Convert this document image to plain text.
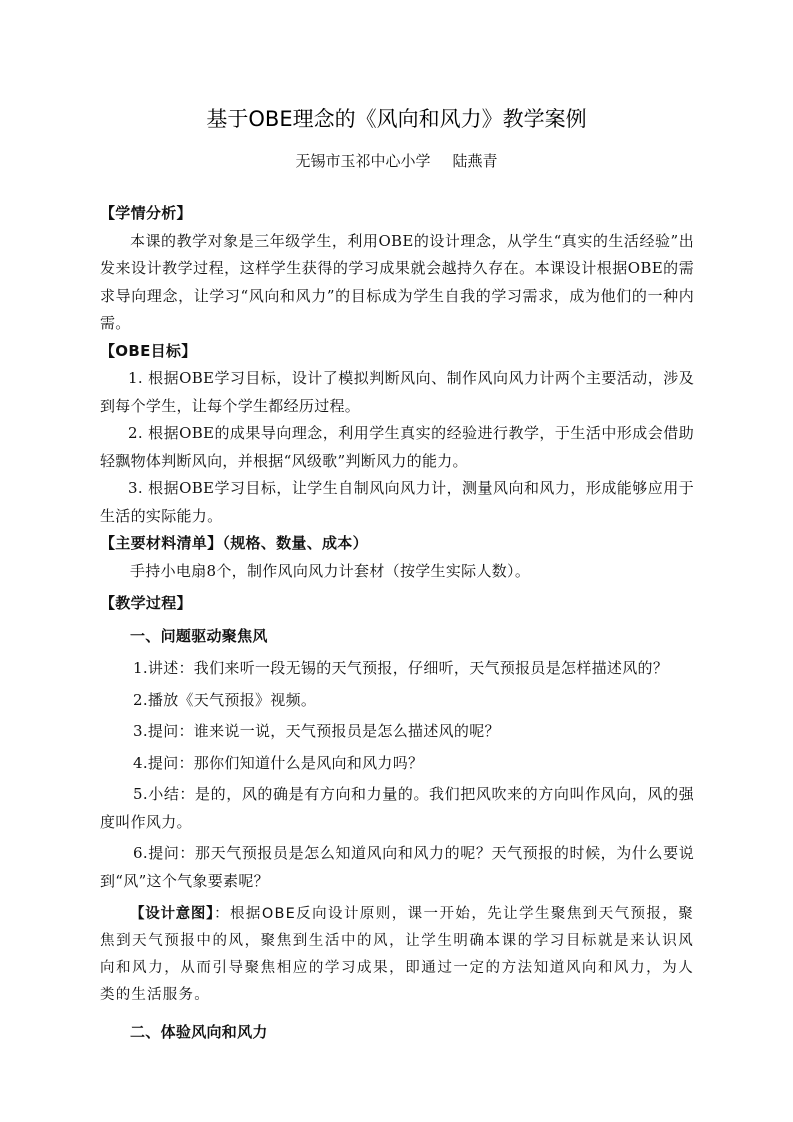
基于OBE理念的《风向和风力》教学案例
无锡市玉祁中心小学 陆燕青

【学情分析】

本课的教学对象是三年级学生，利用OBE的设计理念，从学生“真实的生活经验”出发来设计教学过程，这样学生获得的学习成果就会越持久存在。本课设计根据OBE的需求导向理念，让学习“风向和风力”的目标成为学生自我的学习需求，成为他们的一种内需。

【OBE目标】

1. 根据OBE学习目标，设计了模拟判断风向、制作风向风力计两个主要活动，涉及到每个学生，让每个学生都经历过程。

2. 根据OBE的成果导向理念，利用学生真实的经验进行教学，于生活中形成会借助轻飘物体判断风向，并根据“风级歌”判断风力的能力。

3. 根据OBE学习目标，让学生自制风向风力计，测量风向和风力，形成能够应用于生活的实际能力。

【主要材料清单】（规格、数量、成本）

手持小电扇8个，制作风向风力计套材（按学生实际人数）。

【教学过程】

一、问题驱动聚焦风

1.讲述：我们来听一段无锡的天气预报，仔细听，天气预报员是怎样描述风的？

2.播放《天气预报》视频。

3.提问：谁来说一说，天气预报员是怎么描述风的呢？

4.提问：那你们知道什么是风向和风力吗？

5.小结：是的，风的确是有方向和力量的。我们把风吹来的方向叫作风向，风的强度叫作风力。

6.提问：那天气预报员是怎么知道风向和风力的呢？天气预报的时候，为什么要说到“风”这个气象要素呢？

【设计意图】：根据OBE反向设计原则，课一开始，先让学生聚焦到天气预报，聚焦到天气预报中的风，聚焦到生活中的风，让学生明确本课的学习目标就是来认识风向和风力，从而引导聚焦相应的学习成果，即通过一定的方法知道风向和风力，为人类的生活服务。

二、体验风向和风力
